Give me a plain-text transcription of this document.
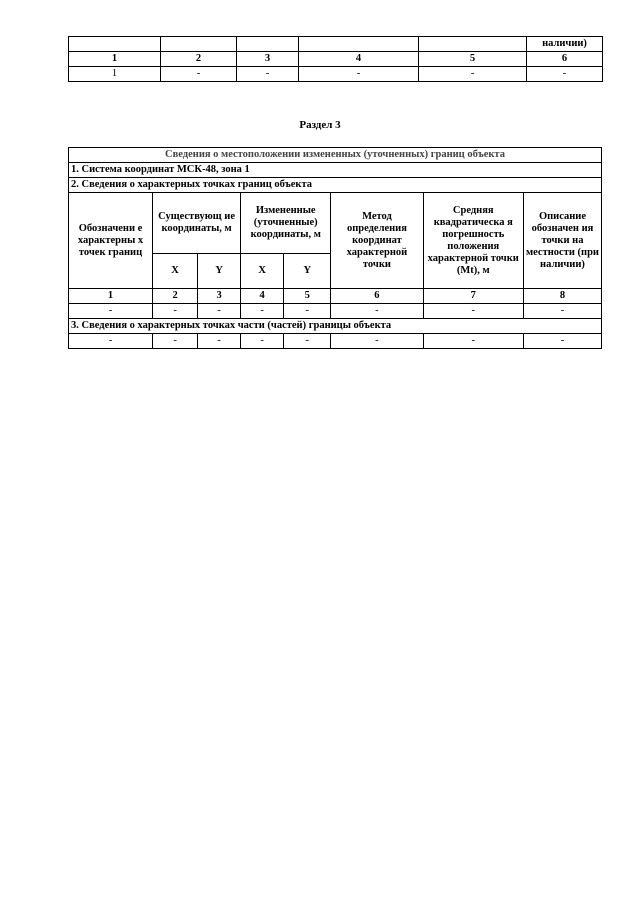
					наличии)
1	2	3	4	5	6
1	-	-	-	-	-
Раздел 3
Сведения о местоположении измененных (уточненных) границ объекта							
1. Система координат МСК-48, зона 1							
2. Сведения о характерных точках границ объекта							
Обозначени е характерны х точек границ	Существующ ие координаты, м		Измененные (уточненные) координаты, м		Метод определения координат характерной точки	Средняя квадратическа я погрешность положения характерной точки (Mt), м	Описание обозначен ия точки на местности (при наличии)
	X	Y	X	Y			
1	2	3	4	5	6	7	8
-	-	-	-	-	-	-	-
3. Сведения о характерных точках части (частей) границы объекта							
-	-	-	-	-	-	-	-
